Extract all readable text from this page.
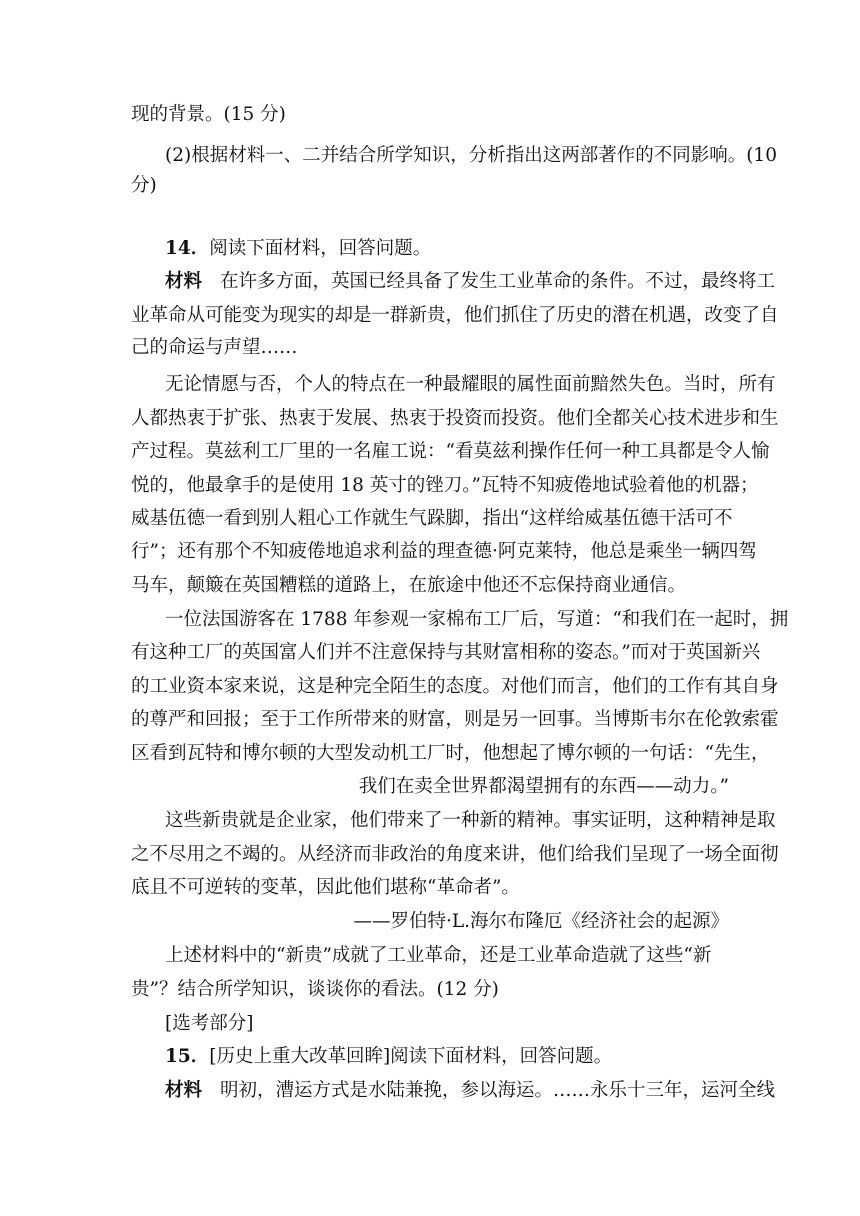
现的背景。(15 分)
(2)根据材料一、二并结合所学知识，分析指出这两部著作的不同影响。(10
分)
14．阅读下面材料，回答问题。
材料 在许多方面，英国已经具备了发生工业革命的条件。不过，最终将工
业革命从可能变为现实的却是一群新贵，他们抓住了历史的潜在机遇，改变了自
己的命运与声望……
无论情愿与否，个人的特点在一种最耀眼的属性面前黯然失色。当时，所有
人都热衷于扩张、热衷于发展、热衷于投资而投资。他们全都关心技术进步和生
产过程。莫兹利工厂里的一名雇工说：“看莫兹利操作任何一种工具都是令人愉
悦的，他最拿手的是使用 18 英寸的锉刀。”瓦特不知疲倦地试验着他的机器；
威基伍德一看到别人粗心工作就生气跺脚，指出“这样给威基伍德干活可不
行”；还有那个不知疲倦地追求利益的理查德·阿克莱特，他总是乘坐一辆四驾
马车，颠簸在英国糟糕的道路上，在旅途中他还不忘保持商业通信。
一位法国游客在 1788 年参观一家棉布工厂后，写道：“和我们在一起时，拥
有这种工厂的英国富人们并不注意保持与其财富相称的姿态。”而对于英国新兴
的工业资本家来说，这是种完全陌生的态度。对他们而言，他们的工作有其自身
的尊严和回报；至于工作所带来的财富，则是另一回事。当博斯韦尔在伦敦索霍
区看到瓦特和博尔顿的大型发动机工厂时，他想起了博尔顿的一句话：“先生，
我们在卖全世界都渴望拥有的东西——动力。”
这些新贵就是企业家，他们带来了一种新的精神。事实证明，这种精神是取
之不尽用之不竭的。从经济而非政治的角度来讲，他们给我们呈现了一场全面彻
底且不可逆转的变革，因此他们堪称“革命者”。
——罗伯特·L.海尔布隆厄《经济社会的起源》
上述材料中的“新贵”成就了工业革命，还是工业革命造就了这些“新
贵”？结合所学知识，谈谈你的看法。(12 分)
[选考部分]
15．[历史上重大改革回眸]阅读下面材料，回答问题。
材料 明初，漕运方式是水陆兼挽，参以海运。……永乐十三年，运河全线
